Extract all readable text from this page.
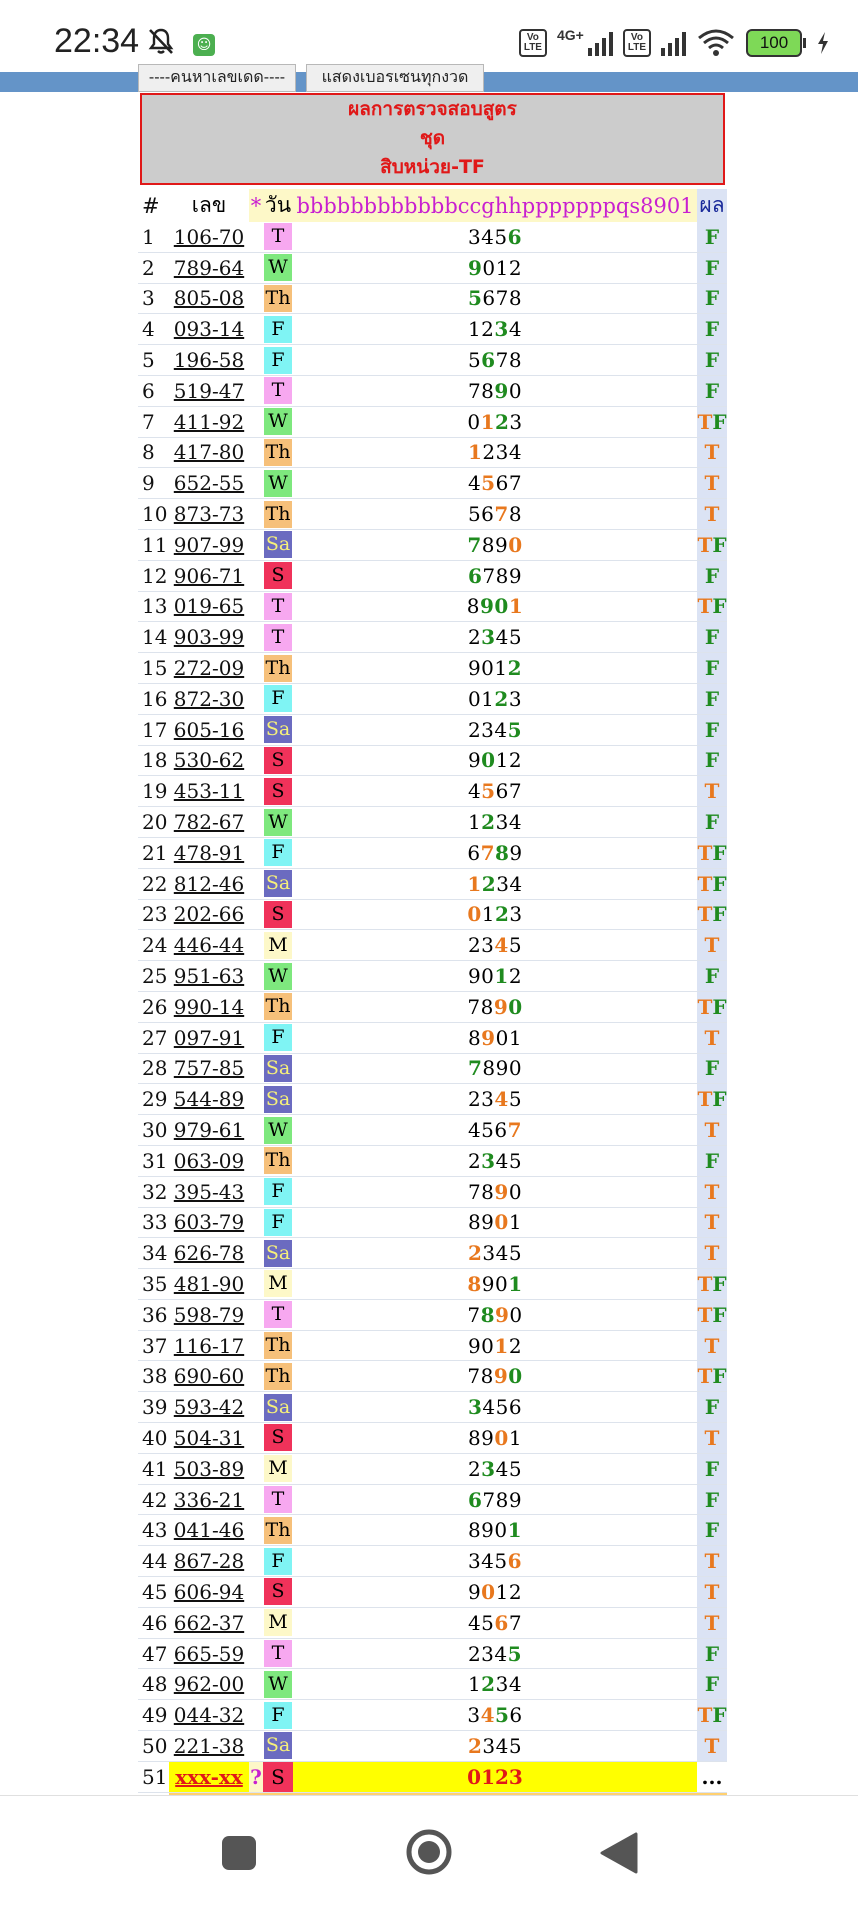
22:34	☺	Vo
LTE
4G+	Vo
LTE	100
----คนหาเลขเดด----	แสดงเบอรเซนทุกงวด
ผลการตรวจสอบสูตร
ชุด
สิบหน่วย-TF
#	เลข	*	วัน	bbbbbbbbbbbbccghhpppppppqs8901	ผล
1	106-70		T	3456	F
2	789-64		W	9012	F
3	805-08		Th	5678	F
4	093-14		F	1234	F
5	196-58		F	5678	F
6	519-47		T	7890	F
7	411-92		W	0123	TF
8	417-80		Th	1234	T
9	652-55		W	4567	T
10	873-73		Th	5678	T
11	907-99		Sa	7890	TF
12	906-71		S	6789	F
13	019-65		T	8901	TF
14	903-99		T	2345	F
15	272-09		Th	9012	F
16	872-30		F	0123	F
17	605-16		Sa	2345	F
18	530-62		S	9012	F
19	453-11		S	4567	T
20	782-67		W	1234	F
21	478-91		F	6789	TF
22	812-46		Sa	1234	TF
23	202-66		S	0123	TF
24	446-44		M	2345	T
25	951-63		W	9012	F
26	990-14		Th	7890	TF
27	097-91		F	8901	T
28	757-85		Sa	7890	F
29	544-89		Sa	2345	TF
30	979-61		W	4567	T
31	063-09		Th	2345	F
32	395-43		F	7890	T
33	603-79		F	8901	T
34	626-78		Sa	2345	T
35	481-90		M	8901	TF
36	598-79		T	7890	TF
37	116-17		Th	9012	T
38	690-60		Th	7890	TF
39	593-42		Sa	3456	F
40	504-31		S	8901	T
41	503-89		M	2345	F
42	336-21		T	6789	F
43	041-46		Th	8901	F
44	867-28		F	3456	T
45	606-94		S	9012	T
46	662-37		M	4567	T
47	665-59		T	2345	F
48	962-00		W	1234	F
49	044-32		F	3456	TF
50	221-38		Sa	2345	T
51	xxx-xx	?	S	0123	...
